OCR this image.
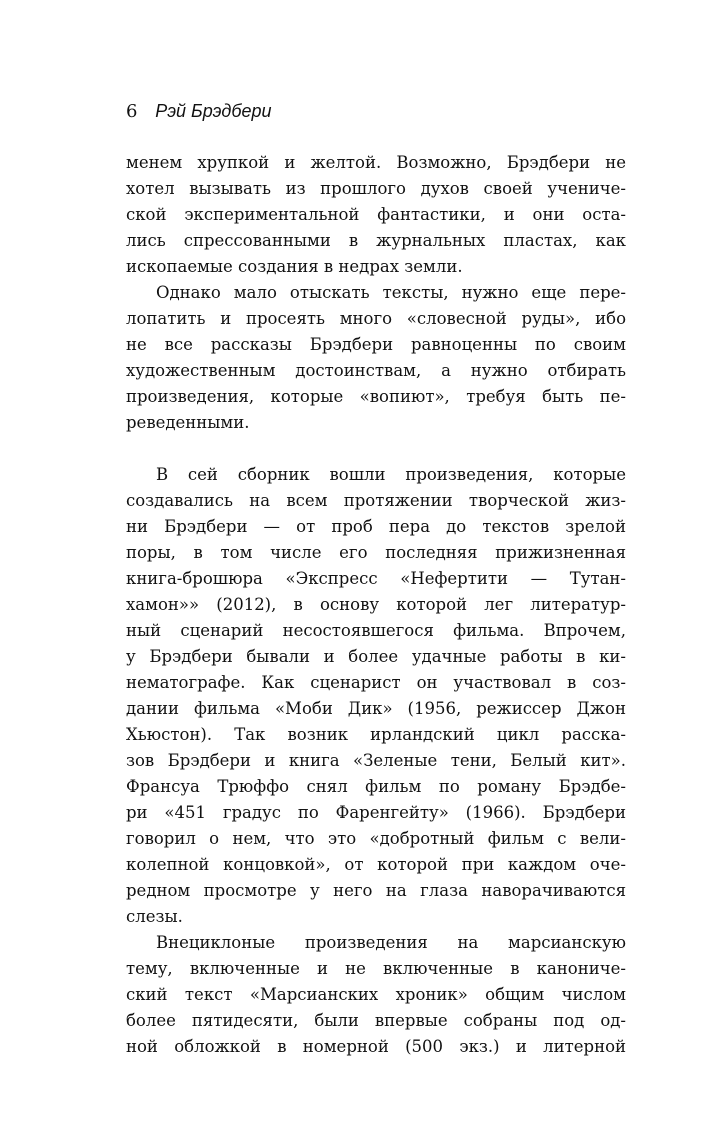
6 Рэй Брэдбери
менем хрупкой и желтой. Возможно, Брэдбери не
хотел вызывать из прошлого духов своей учениче-
ской экспериментальной фантастики, и они оста-
лись спрессованными в журнальных пластах, как
ископаемые создания в недрах земли.
Однако мало отыскать тексты, нужно еще пере-
лопатить и просеять много «словесной руды», ибо
не все рассказы Брэдбери равноценны по своим
художественным достоинствам, а нужно отбирать
произведения, которые «вопиют», требуя быть пе-
реведенными.
В сей сборник вошли произведения, которые
создавались на всем протяжении творческой жиз-
ни Брэдбери — от проб пера до текстов зрелой
поры, в том числе его последняя прижизненная
книга-брошюра «Экспресс «Нефертити — Тутан-
хамон»» (2012), в основу которой лег литератур-
ный сценарий несостоявшегося фильма. Впрочем,
у Брэдбери бывали и более удачные работы в ки-
нематографе. Как сценарист он участвовал в соз-
дании фильма «Моби Дик» (1956, режиссер Джон
Хьюстон). Так возник ирландский цикл расска-
зов Брэдбери и книга «Зеленые тени, Белый кит».
Франсуа Трюффо снял фильм по роману Брэдбе-
ри «451 градус по Фаренгейту» (1966). Брэдбери
говорил о нем, что это «добротный фильм с вели-
колепной концовкой», от которой при каждом оче-
редном просмотре у него на глаза наворачиваются
слезы.
Внециклоные произведения на марсианскую
тему, включенные и не включенные в канониче-
ский текст «Марсианских хроник» общим числом
более пятидесяти, были впервые собраны под од-
ной обложкой в номерной (500 экз.) и литерной
